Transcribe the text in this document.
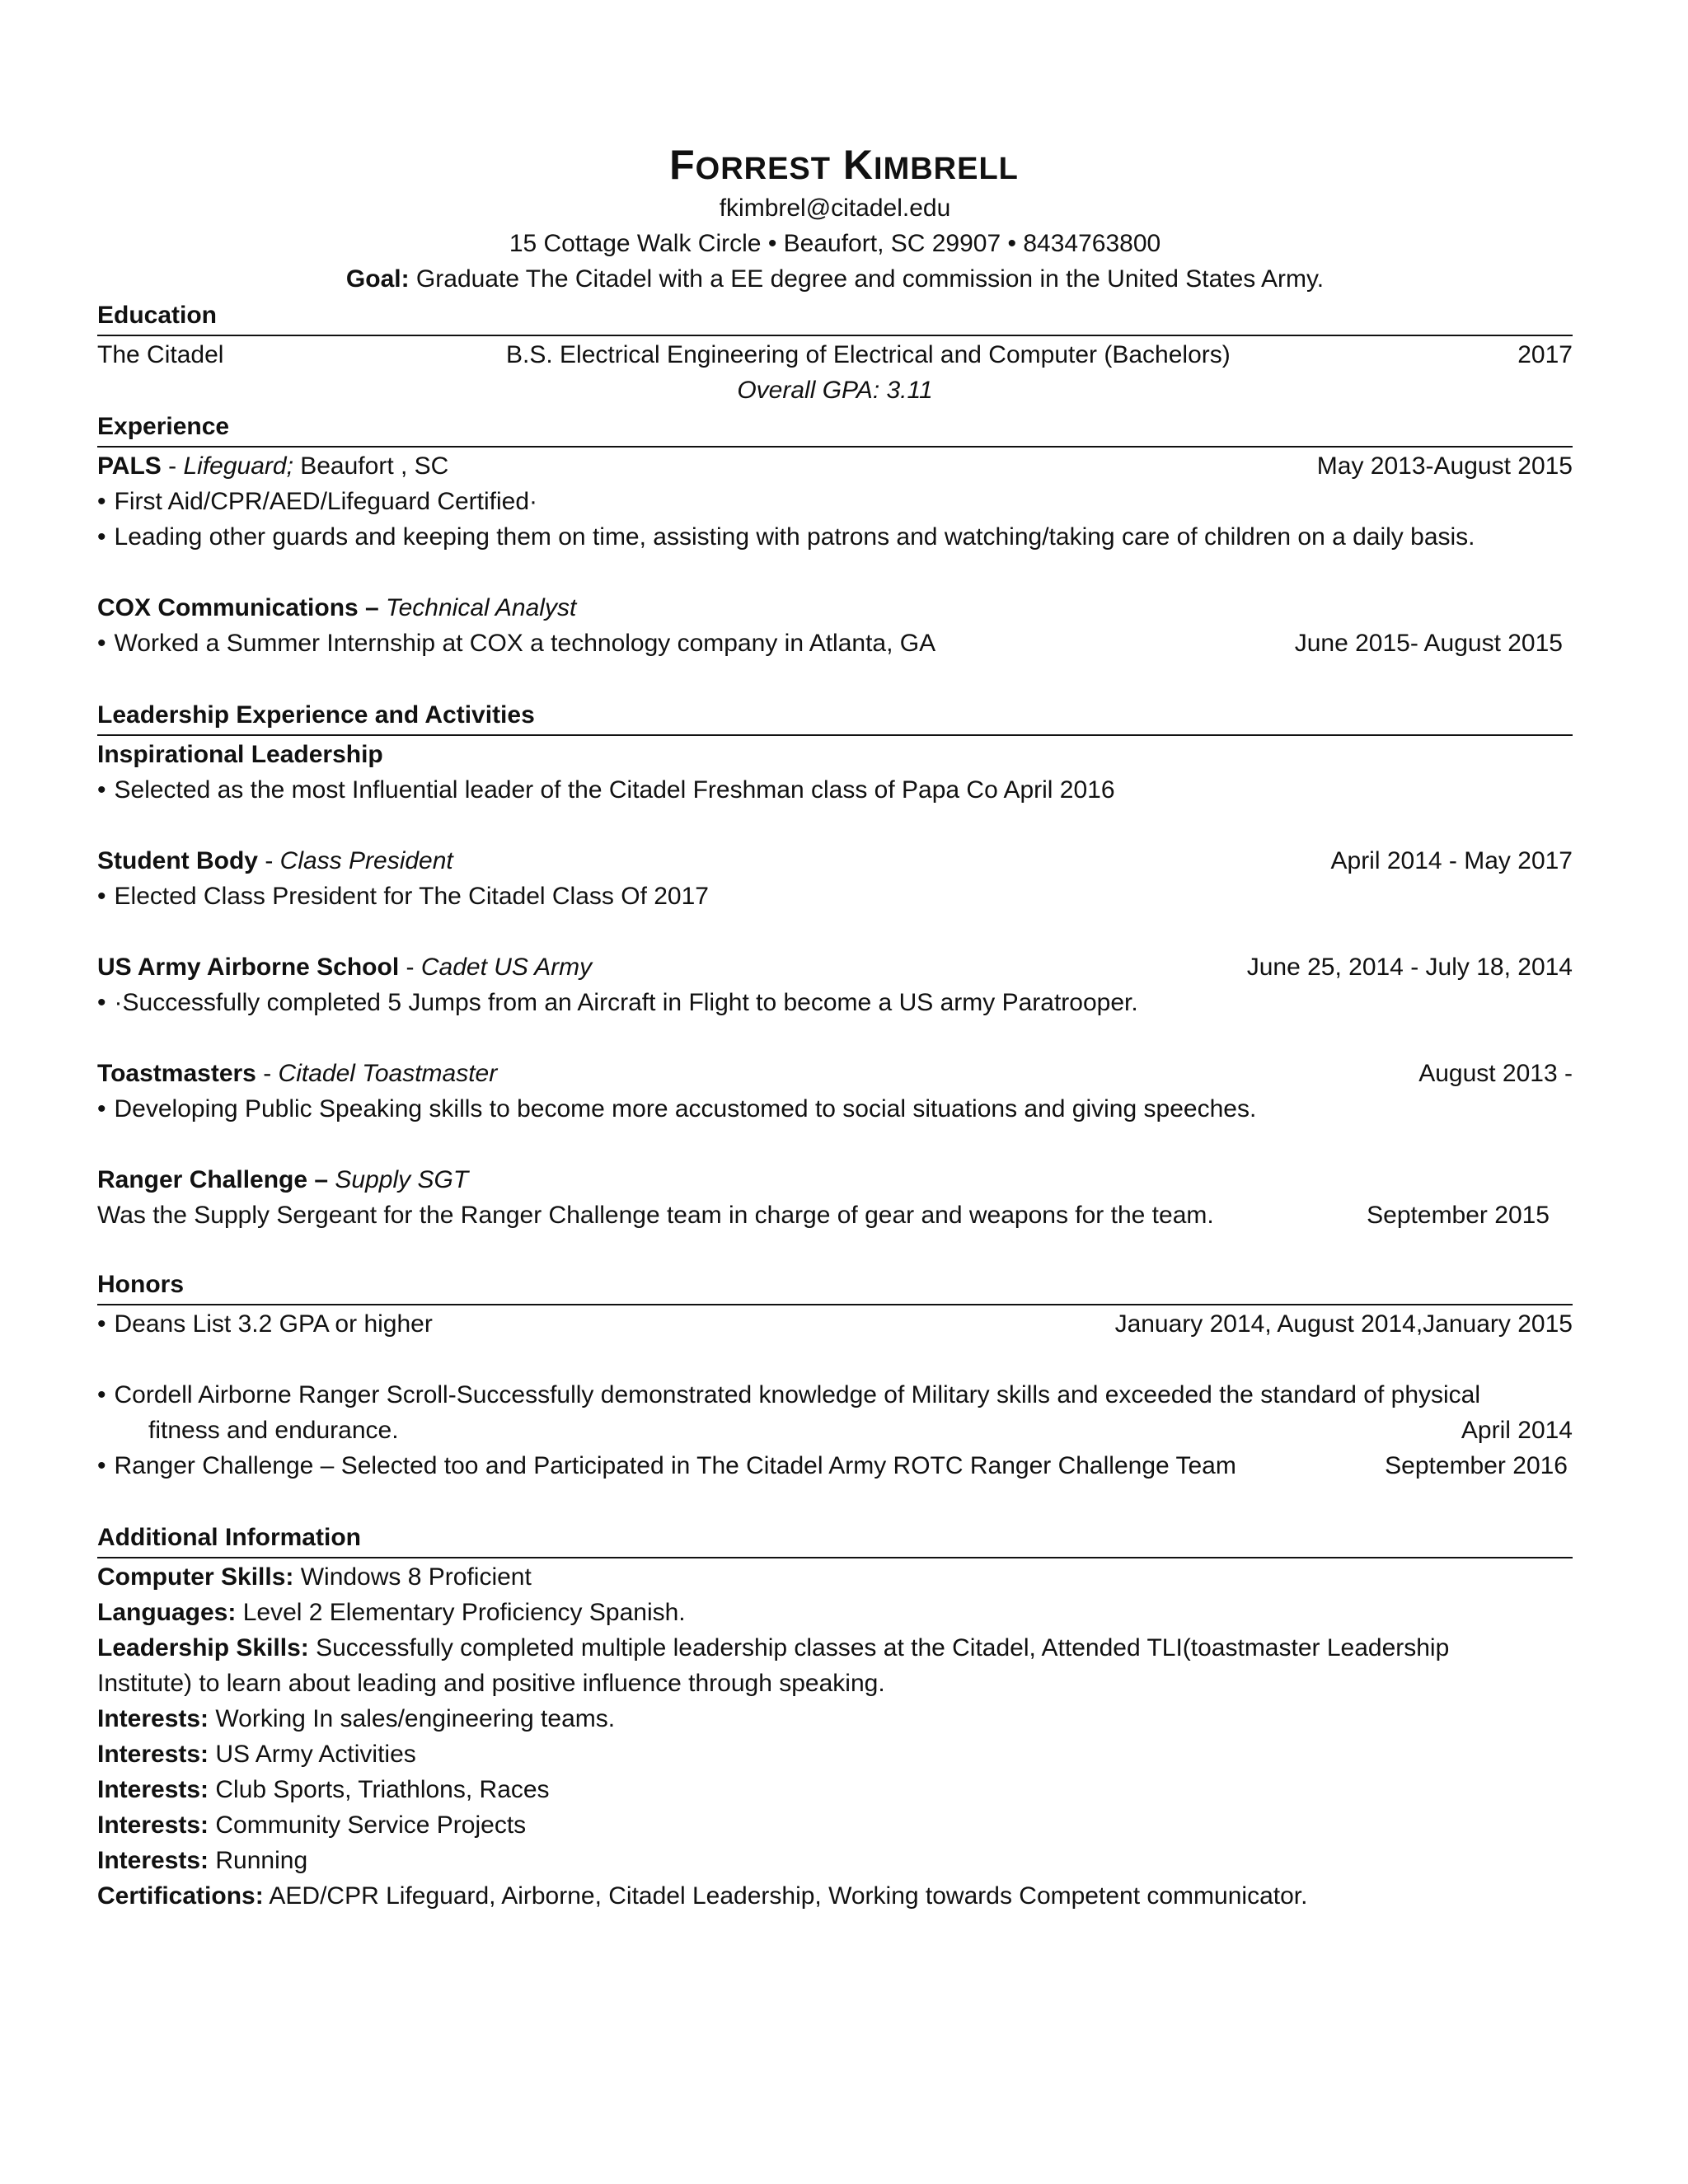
FORREST KIMBRELL
fkimbrel@citadel.edu
15 Cottage Walk Circle • Beaufort, SC 29907 • 8434763800
Goal: Graduate The Citadel with a EE degree and commission in the United States Army.
Education
The Citadel	B.S. Electrical Engineering of Electrical and Computer (Bachelors)	2017
Overall GPA: 3.11
Experience
PALS - Lifeguard; Beaufort , SC	May 2013-August 2015
• First Aid/CPR/AED/Lifeguard Certified·
• Leading other guards and keeping them on time, assisting with patrons and watching/taking care of children on a daily basis.
COX Communications – Technical Analyst
• Worked a Summer Internship at COX a technology company in Atlanta, GA	June 2015- August 2015
Leadership Experience and Activities
Inspirational Leadership
• Selected as the most Influential leader of the Citadel Freshman class of Papa Co April 2016
Student Body - Class President	April 2014 - May 2017
• Elected Class President for The Citadel Class Of 2017
US Army Airborne School - Cadet US Army	June 25, 2014 - July 18, 2014
• ·Successfully completed 5 Jumps from an Aircraft in Flight to become a US army Paratrooper.
Toastmasters - Citadel Toastmaster	August 2013 -
• Developing Public Speaking skills to become more accustomed to social situations and giving speeches.
Ranger Challenge – Supply SGT
Was the Supply Sergeant for the Ranger Challenge team in charge of gear and weapons for the team.	September 2015
Honors
• Deans List 3.2 GPA or higher	January 2014, August 2014,January 2015
• Cordell Airborne Ranger Scroll-Successfully demonstrated knowledge of Military skills and exceeded the standard of physical
fitness and endurance.	April 2014
• Ranger Challenge – Selected too and Participated in The Citadel Army ROTC Ranger Challenge Team	September 2016
Additional Information
Computer Skills: Windows 8 Proficient
Languages: Level 2 Elementary Proficiency Spanish.
Leadership Skills: Successfully completed multiple leadership classes at the Citadel, Attended TLI(toastmaster Leadership
Institute) to learn about leading and positive influence through speaking.
Interests: Working In sales/engineering teams.
Interests: US Army Activities
Interests: Club Sports, Triathlons, Races
Interests: Community Service Projects
Interests: Running
Certifications: AED/CPR Lifeguard, Airborne, Citadel Leadership, Working towards Competent communicator.
